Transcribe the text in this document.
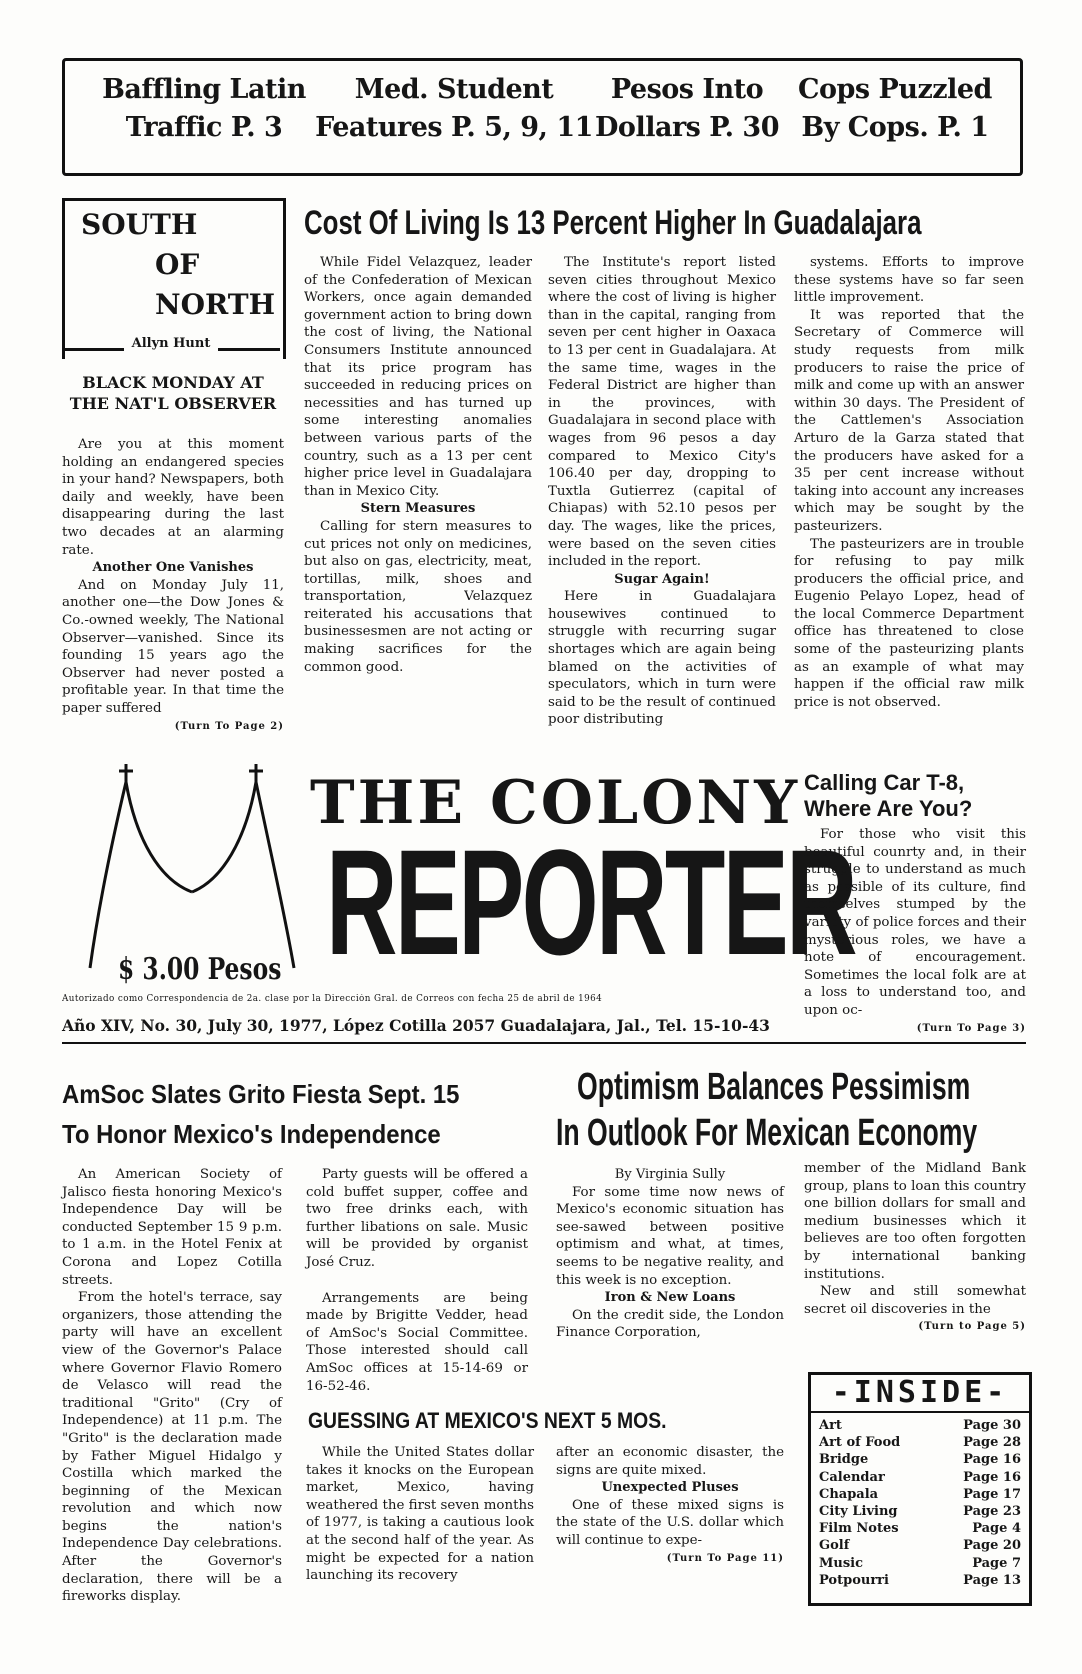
Baffling Latin
Traffic P. 3
Med. Student
Features P. 5, 9, 11
Pesos Into
Dollars P. 30
Cops Puzzled
By Cops. P. 1
SOUTH
OF
NORTH
Allyn Hunt
BLACK MONDAY AT THE NAT'L OBSERVER

Are you at this moment holding an endangered species in your hand? Newspapers, both daily and weekly, have been disappearing during the last two decades at an alarming rate.

Another One Vanishes

And on Monday July 11, another one—the Dow Jones & Co.-owned weekly, The National Observer—vanished. Since its founding 15 years ago the Observer had never posted a profitable year. In that time the paper suffered

(Turn To Page 2)
Cost Of Living Is 13 Percent Higher In Guadalajara

While Fidel Velazquez, leader of the Confederation of Mexican Workers, once again demanded government action to bring down the cost of living, the National Consumers Institute announced that its price program has succeeded in reducing prices on necessities and has turned up some interesting anomalies between various parts of the country, such as a 13 per cent higher price level in Guadalajara than in Mexico City.

Stern Measures

Calling for stern measures to cut prices not only on medicines, but also on gas, electricity, meat, tortillas, milk, shoes and transportation, Velazquez reiterated his accusations that businessesmen are not acting or making sacrifices for the common good.

The Institute's report listed seven cities throughout Mexico where the cost of living is higher than in the capital, ranging from seven per cent higher in Oaxaca to 13 per cent in Guadalajara. At the same time, wages in the Federal District are higher than in the provinces, with Guadalajara in second place with wages from 96 pesos a day compared to Mexico City's 106.40 per day, dropping to Tuxtla Gutierrez (capital of Chiapas) with 52.10 pesos per day. The wages, like the prices, were based on the seven cities included in the report.

Sugar Again!

Here in Guadalajara housewives continued to struggle with recurring sugar shortages which are again being blamed on the activities of speculators, which in turn were said to be the result of continued poor distributing

systems. Efforts to improve these systems have so far seen little improvement.

It was reported that the Secretary of Commerce will study requests from milk producers to raise the price of milk and come up with an answer within 30 days. The President of the Cattlemen's Association Arturo de la Garza stated that the producers have asked for a 35 per cent increase without taking into account any increases which may be sought by the pasteurizers.

The pasteurizers are in trouble for refusing to pay milk producers the official price, and Eugenio Pelayo Lopez, head of the local Commerce Department office has threatened to close some of the pasteurizing plants as an example of what may happen if the official raw milk price is not observed.

$ 3.00 Pesos
THE COLONY
REPORTER
Autorizado como Correspondencia de 2a. clase por la Dirección Gral. de Correos con fecha 25 de abril de 1964
Año XIV, No. 30, July 30, 1977, López Cotilla 2057 Guadalajara, Jal., Tel. 15-10-43
Calling Car T-8,
Where Are You?

For those who visit this beautiful counrty and, in their struggle to understand as much as possible of its culture, find themselves stumped by the variety of police forces and their mysterious roles, we have a note of encouragement. Sometimes the local folk are at a loss to understand too, and upon oc-

(Turn To Page 3)
AmSoc Slates Grito Fiesta Sept. 15
To Honor Mexico's Independence

An American Society of Jalisco fiesta honoring Mexico's Independence Day will be conducted September 15 9 p.m. to 1 a.m. in the Hotel Fenix at Corona and Lopez Cotilla streets.

From the hotel's terrace, say organizers, those attending the party will have an excellent view of the Governor's Palace where Governor Flavio Romero de Velasco will read the traditional "Grito" (Cry of Independence) at 11 p.m. The "Grito" is the declaration made by Father Miguel Hidalgo y Costilla which marked the beginning of the Mexican revolution and which now begins the nation's Independence Day celebrations. After the Governor's declaration, there will be a fireworks display.

Party guests will be offered a cold buffet supper, coffee and two free drinks each, with further libations on sale. Music will be provided by organist José Cruz.

Arrangements are being made by Brigitte Vedder, head of AmSoc's Social Committee. Those interested should call AmSoc offices at 15-14-69 or 16-52-46.

Optimism Balances Pessimism
In Outlook For Mexican Economy

By Virginia Sully

For some time now news of Mexico's economic situation has see-sawed between positive optimism and what, at times, seems to be negative reality, and this week is no exception.

Iron & New Loans

On the credit side, the London Finance Corporation,

member of the Midland Bank group, plans to loan this country one billion dollars for small and medium businesses which it believes are too often forgotten by international banking institutions.

New and still somewhat secret oil discoveries in the

(Turn to Page 5)
GUESSING AT MEXICO'S NEXT 5 MOS.

While the United States dollar takes it knocks on the European market, Mexico, having weathered the first seven months of 1977, is taking a cautious look at the second half of the year. As might be expected for a nation launching its recovery

after an economic disaster, the signs are quite mixed.

Unexpected Pluses

One of these mixed signs is the state of the U.S. dollar which will continue to expe-

(Turn To Page 11)
-INSIDE-
Art	Page 30
Art of Food	Page 28
Bridge	Page 16
Calendar	Page 16
Chapala	Page 17
City Living	Page 23
Film Notes	Page 4
Golf	Page 20
Music	Page 7
Potpourri	Page 13
